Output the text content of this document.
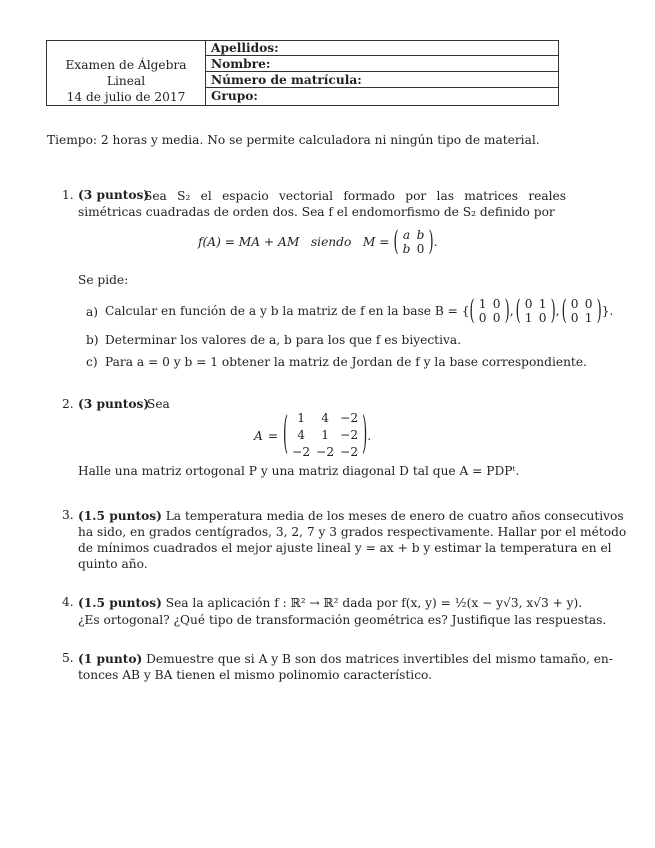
Examen de Álgebra Lineal
14 de julio de 2017
Apellidos:
Nombre:
Número de matrícula:
Grupo:
Tiempo: 2 horas y media. No se permite calculadora ni ningún tipo de material.
1. (3 puntos)
Sea S₂ el espacio vectorial formado por las matrices reales simétricas cuadradas de orden dos. Sea f el endomorfismo de S₂ definido por
f(A) = MA + AM   siendo   M = ( a b
b 0 ) .
Se pide:
a) Calcular en función de a y b la matriz de f en la base B = { ( 1 0
0 0 ) , ( 0 1
1 0 ) , ( 0 0
0 1 ) }.
b) Determinar los valores de a, b para los que f es biyectiva.
c) Para a = 0 y b = 1 obtener la matriz de Jordan de f y la base correspondiente.
2. (3 puntos)
Sea
A = ( 1	4 −2
4	1 −2
−2 −2 −2 ) .
Halle una matriz ortogonal P y una matriz diagonal D tal que A = PDPᵗ.
3. (1.5 puntos) La temperatura media de los meses de enero de cuatro años consecutivos
ha sido, en grados centígrados, 3, 2, 7 y 3 grados respectivamente. Hallar por el método
de mínimos cuadrados el mejor ajuste lineal y = ax + b y estimar la temperatura en el
quinto año.
4. (1.5 puntos) Sea la aplicación f : ℝ² → ℝ² dada por f(x, y) = ½(x − y√3, x√3 + y).
¿Es ortogonal? ¿Qué tipo de transformación geométrica es? Justifique las respuestas.
5. (1 punto) Demuestre que si A y B son dos matrices invertibles del mismo tamaño, en-
tonces AB y BA tienen el mismo polinomio característico.
